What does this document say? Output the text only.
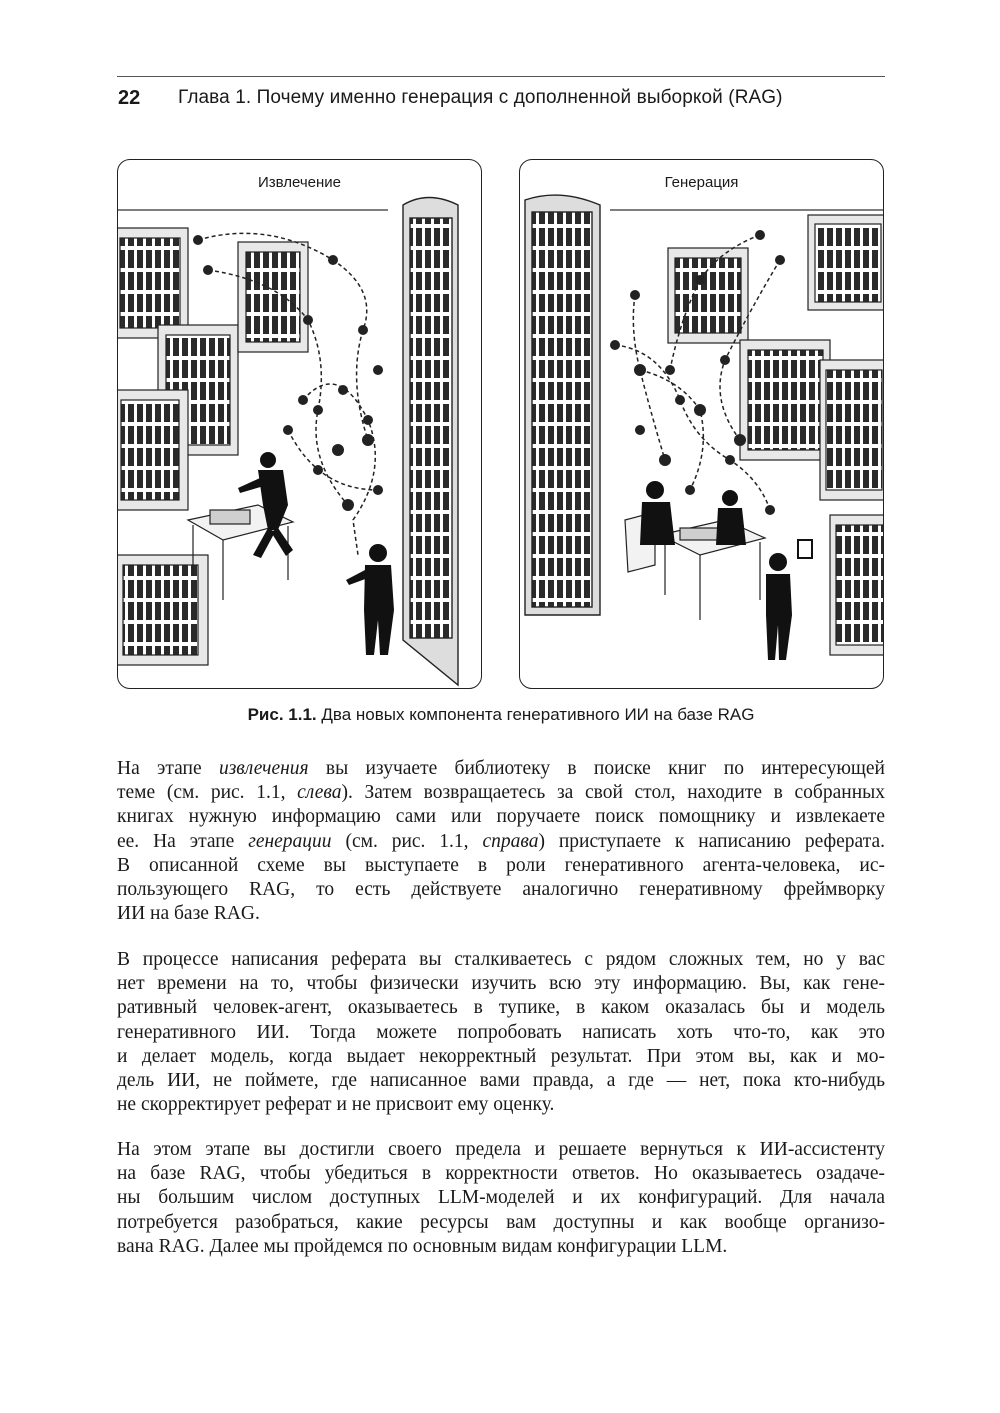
22 Глава 1. Почему именно генерация с дополненной выборкой (RAG)
Извлечение	Генерация
Рис. 1.1. Два новых компонента генеративного ИИ на базе RAG
На этапе извлечения вы изучаете библиотеку в поиске книг по интересующей
теме (см. рис. 1.1, слева). Затем возвращаетесь за свой стол, находите в собранных
книгах нужную информацию сами или поручаете поиск помощнику и извлекаете
ее. На этапе генерации (см. рис. 1.1, справа) приступаете к написанию реферата.
В описанной схеме вы выступаете в роли генеративного агента-человека, ис-
пользующего RAG, то есть действуете аналогично генеративному фреймворку
ИИ на базе RAG.
В процессе написания реферата вы сталкиваетесь с рядом сложных тем, но у вас
нет времени на то, чтобы физически изучить всю эту информацию. Вы, как гене-
ративный человек-агент, оказываетесь в тупике, в каком оказалась бы и модель
генеративного ИИ. Тогда можете попробовать написать хоть что-то, как это
и делает модель, когда выдает некорректный результат. При этом вы, как и мо-
дель ИИ, не поймете, где написанное вами правда, а где — нет, пока кто-нибудь
не скорректирует реферат и не присвоит ему оценку.
На этом этапе вы достигли своего предела и решаете вернуться к ИИ-ассистенту
на базе RAG, чтобы убедиться в корректности ответов. Но оказываетесь озадаче-
ны большим числом доступных LLM-моделей и их конфигураций. Для начала
потребуется разобраться, какие ресурсы вам доступны и как вообще организо-
вана RAG. Далее мы пройдемся по основным видам конфигурации LLM.
